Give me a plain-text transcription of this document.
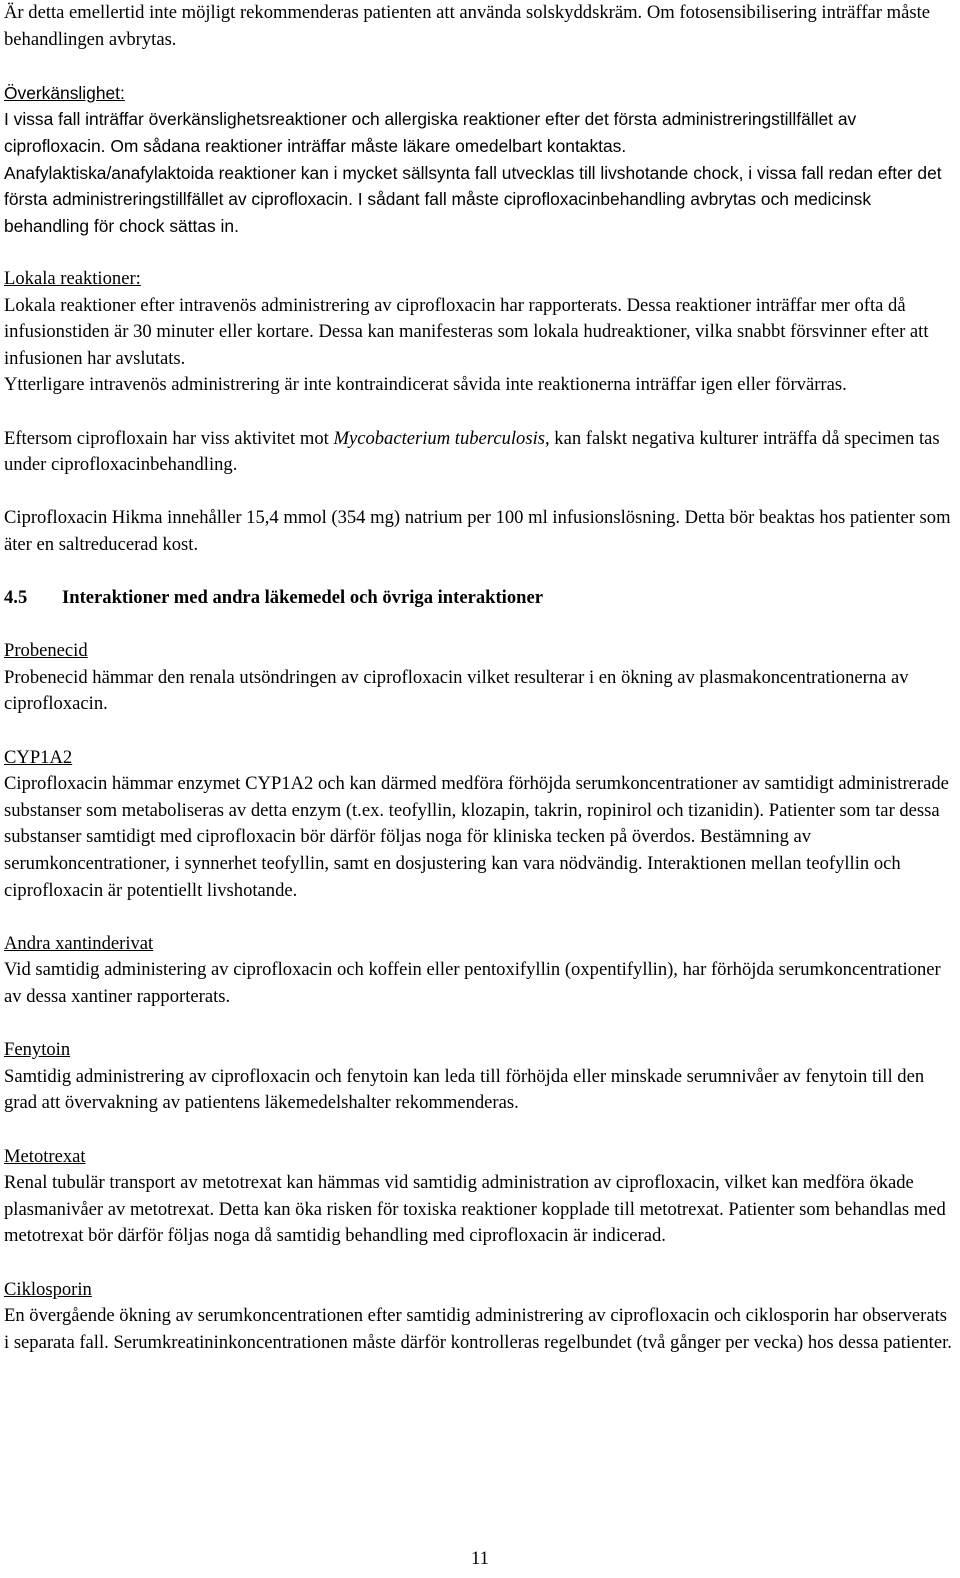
Är detta emellertid inte möjligt rekommenderas patienten att använda solskyddskräm. Om fotosensibilisering inträffar måste behandlingen avbrytas.

Överkänslighet:

I vissa fall inträffar överkänslighetsreaktioner och allergiska reaktioner efter det första administreringstillfället av ciprofloxacin. Om sådana reaktioner inträffar måste läkare omedelbart kontaktas.

Anafylaktiska/anafylaktoida reaktioner kan i mycket sällsynta fall utvecklas till livshotande chock, i vissa fall redan efter det första administreringstillfället av ciprofloxacin. I sådant fall måste ciprofloxacinbehandling avbrytas och medicinsk behandling för chock sättas in.

Lokala reaktioner:

Lokala reaktioner efter intravenös administrering av ciprofloxacin har rapporterats. Dessa reaktioner inträffar mer ofta då infusionstiden är 30 minuter eller kortare. Dessa kan manifesteras som lokala hudreaktioner, vilka snabbt försvinner efter att infusionen har avslutats.

Ytterligare intravenös administrering är inte kontraindicerat såvida inte reaktionerna inträffar igen eller förvärras.

Eftersom ciprofloxain har viss aktivitet mot Mycobacterium tuberculosis, kan falskt negativa kulturer inträffa då specimen tas under ciprofloxacinbehandling.

Ciprofloxacin Hikma innehåller 15,4 mmol (354 mg) natrium per 100 ml infusionslösning. Detta bör beaktas hos patienter som äter en saltreducerad kost.

4.5 Interaktioner med andra läkemedel och övriga interaktioner

Probenecid

Probenecid hämmar den renala utsöndringen av ciprofloxacin vilket resulterar i en ökning av plasmakoncentrationerna av ciprofloxacin.

CYP1A2

Ciprofloxacin hämmar enzymet CYP1A2 och kan därmed medföra förhöjda serumkoncentrationer av samtidigt administrerade substanser som metaboliseras av detta enzym (t.ex. teofyllin, klozapin, takrin, ropinirol och tizanidin). Patienter som tar dessa substanser samtidigt med ciprofloxacin bör därför följas noga för kliniska tecken på överdos. Bestämning av serumkoncentrationer, i synnerhet teofyllin, samt en dosjustering kan vara nödvändig. Interaktionen mellan teofyllin och ciprofloxacin är potentiellt livshotande.

Andra xantinderivat

Vid samtidig administering av ciprofloxacin och koffein eller pentoxifyllin (oxpentifyllin), har förhöjda serumkoncentrationer av dessa xantiner rapporterats.

Fenytoin

Samtidig administrering av ciprofloxacin och fenytoin kan leda till förhöjda eller minskade serumnivåer av fenytoin till den grad att övervakning av patientens läkemedelshalter rekommenderas.

Metotrexat

Renal tubulär transport av metotrexat kan hämmas vid samtidig administration av ciprofloxacin, vilket kan medföra ökade plasmanivåer av metotrexat. Detta kan öka risken för toxiska reaktioner kopplade till metotrexat. Patienter som behandlas med metotrexat bör därför följas noga då samtidig behandling med ciprofloxacin är indicerad.

Ciklosporin

En övergående ökning av serumkoncentrationen efter samtidig administrering av ciprofloxacin och ciklosporin har observerats i separata fall. Serumkreatininkoncentrationen måste därför kontrolleras regelbundet (två gånger per vecka) hos dessa patienter.

11
